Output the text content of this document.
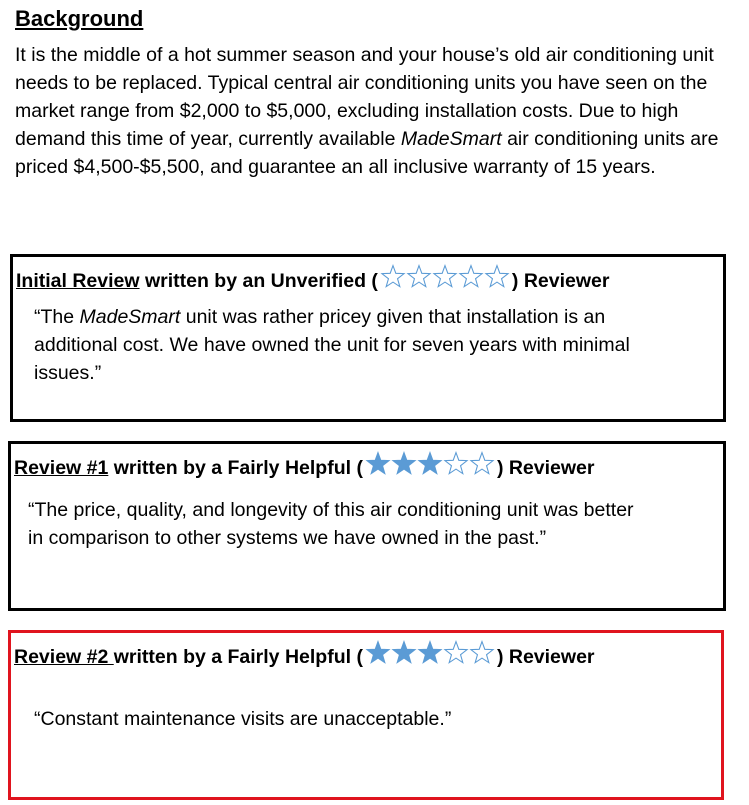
Background

It is the middle of a hot summer season and your house’s old air conditioning unit needs to be replaced. Typical central air conditioning units you have seen on the market range from $2,000 to $5,000, excluding installation costs. Due to high demand this time of year, currently available MadeSmart air conditioning units are priced $4,500-$5,500, and guarantee an all inclusive warranty of 15 years.

Initial Review written by an Unverified (	) Reviewer

“The MadeSmart unit was rather pricey given that installation is an additional cost. We have owned the unit for seven years with minimal issues.”

Review #1 written by a Fairly Helpful (	) Reviewer

“The price, quality, and longevity of this air conditioning unit was better in comparison to other systems we have owned in the past.”

Review #2 written by a Fairly Helpful (	) Reviewer

“Constant maintenance visits are unacceptable.”
